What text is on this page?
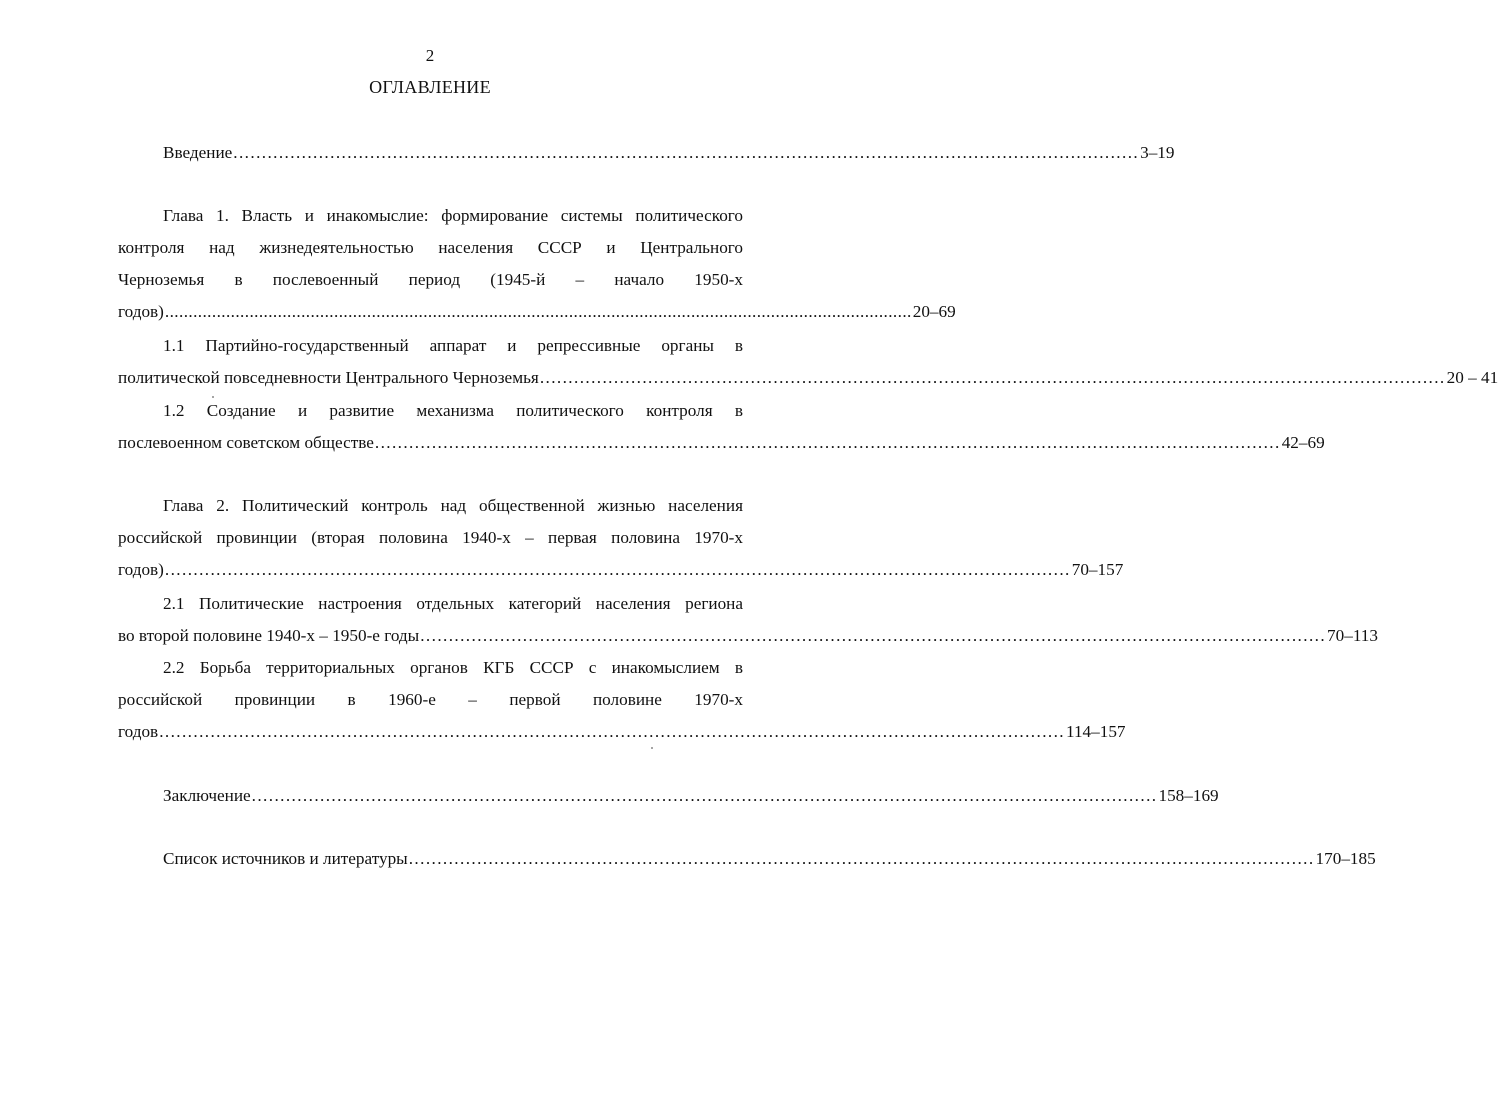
2
ОГЛАВЛЕНИЕ
Введение ............................................................................................................................................................... 3–19
Глава 1. Власть и инакомыслие: формирование системы политического
контроля над жизнедеятельностью населения СССР и Центрального
Черноземья в послевоенный период (1945-й – начало 1950-х
годов) ............................................................................................................................................................... 20–69
1.1 Партийно-государственный аппарат и репрессивные органы в
политической повседневности Центрального Черноземья ............................................................................................................................................................... 20 – 41
1.2 Создание и развитие механизма политического контроля в
послевоенном советском обществе ............................................................................................................................................................... 42–69
Глава 2. Политический контроль над общественной жизнью населения
российской провинции (вторая половина 1940-х – первая половина 1970-х
годов) ............................................................................................................................................................... 70–157
2.1 Политические настроения отдельных категорий населения региона
во второй половине 1940-х – 1950-е годы ............................................................................................................................................................... 70–113
2.2 Борьба территориальных органов КГБ СССР с инакомыслием в
российской провинции в 1960-е – первой половине 1970-х
годов ............................................................................................................................................................... 114–157
Заключение ............................................................................................................................................................... 158–169
Список источников и литературы ............................................................................................................................................................... 170–185
